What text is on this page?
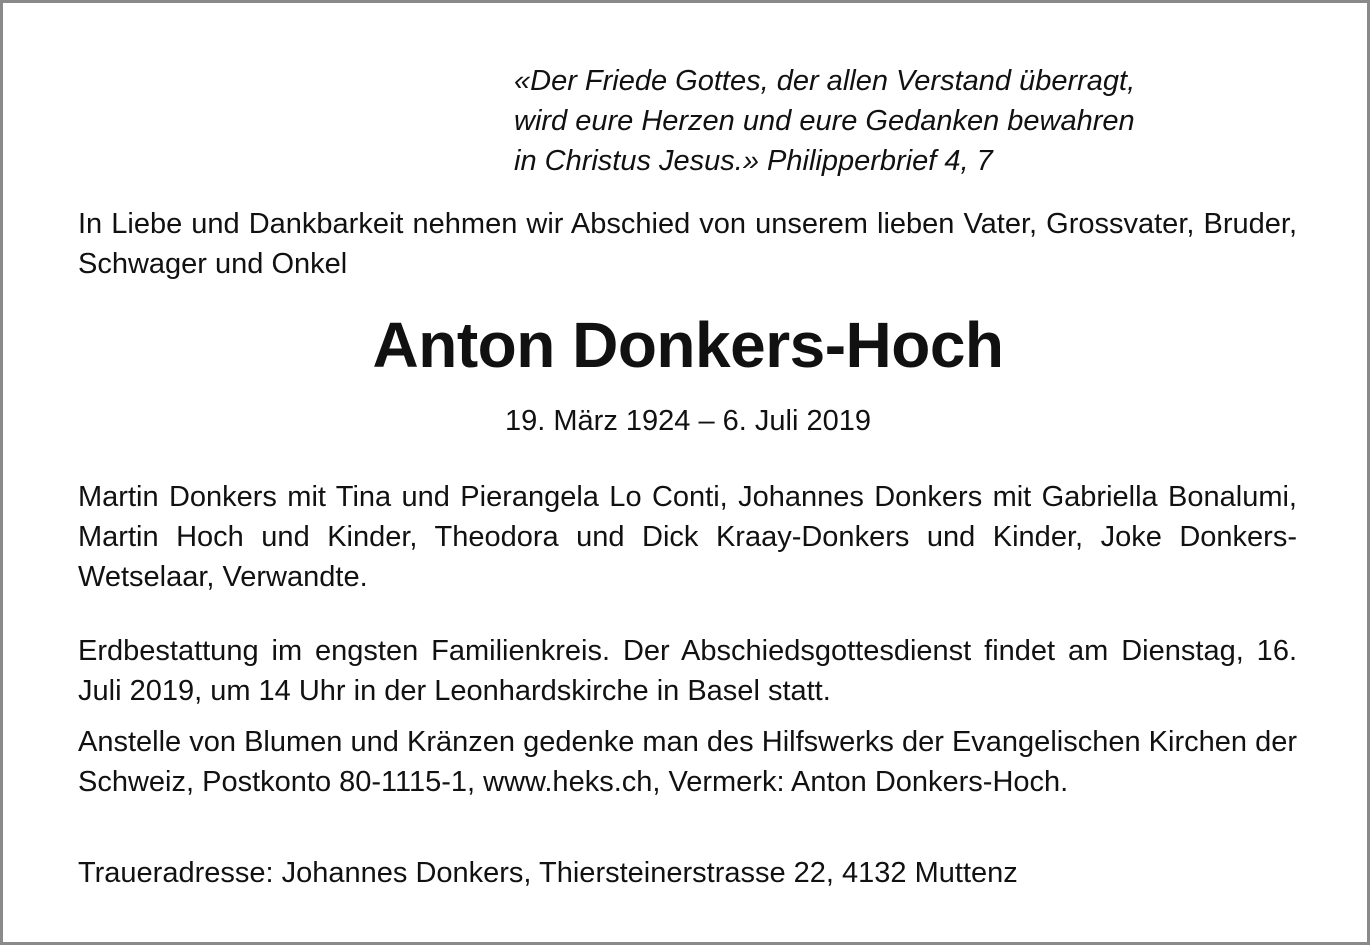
«Der Friede Gottes, der allen Verstand überragt,
wird eure Herzen und eure Gedanken bewahren
in Christus Jesus.» Philipperbrief 4, 7
In Liebe und Dankbarkeit nehmen wir Abschied von unserem lieben Vater, Grossvater, Bruder, Schwager und Onkel
Anton Donkers-Hoch
19. März 1924 – 6. Juli 2019
Martin Donkers mit Tina und Pierangela Lo Conti, Johannes Donkers mit Gabriella Bonalumi, Martin Hoch und Kinder, Theodora und Dick Kraay-Donkers und Kinder, Joke Donkers-Wetselaar, Verwandte.
Erdbestattung im engsten Familienkreis. Der Abschiedsgottesdienst findet am Dienstag, 16. Juli 2019, um 14 Uhr in der Leonhardskirche in Basel statt.
Anstelle von Blumen und Kränzen gedenke man des Hilfswerks der Evangelischen Kirchen der Schweiz, Postkonto 80-1115-1, www.heks.ch, Vermerk: Anton Donkers-Hoch.
Traueradresse: Johannes Donkers, Thiersteinerstrasse 22, 4132 Muttenz
